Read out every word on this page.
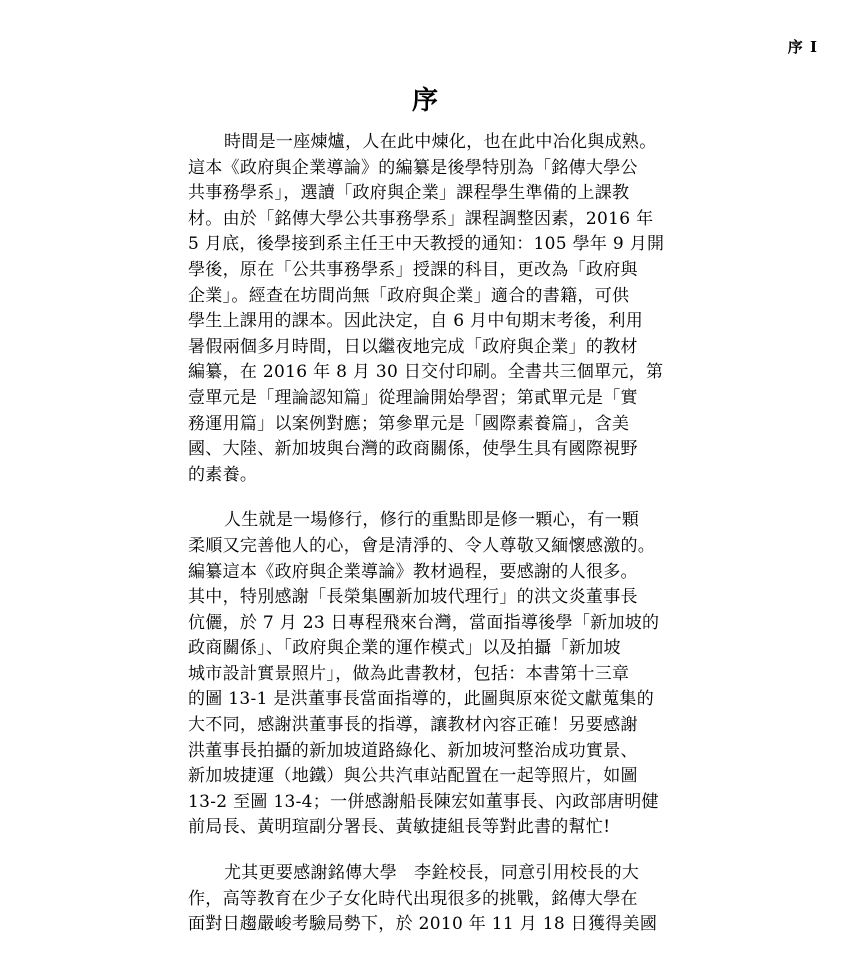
序 I
序
時間是一座煉爐，人在此中煉化，也在此中冶化與成熟。
這本《政府與企業導論》的編纂是後學特別為「銘傳大學公
共事務學系」，選讀「政府與企業」課程學生準備的上課教
材。由於「銘傳大學公共事務學系」課程調整因素，2016 年
5 月底，後學接到系主任王中天教授的通知：105 學年 9 月開
學後，原在「公共事務學系」授課的科目，更改為「政府與
企業」。經查在坊間尚無「政府與企業」適合的書籍，可供
學生上課用的課本。因此決定，自 6 月中旬期末考後，利用
暑假兩個多月時間，日以繼夜地完成「政府與企業」的教材
編纂，在 2016 年 8 月 30 日交付印刷。全書共三個單元，第
壹單元是「理論認知篇」從理論開始學習；第貳單元是「實
務運用篇」以案例對應；第參單元是「國際素養篇」，含美
國、大陸、新加坡與台灣的政商關係，使學生具有國際視野
的素養。
人生就是一場修行，修行的重點即是修一顆心，有一顆
柔順又完善他人的心，會是清淨的、令人尊敬又緬懷感激的。
編纂這本《政府與企業導論》教材過程，要感謝的人很多。
其中，特別感謝「長榮集團新加坡代理行」的洪文炎董事長
伉儷，於 7 月 23 日專程飛來台灣，當面指導後學「新加坡的
政商關係」、「政府與企業的運作模式」以及拍攝「新加坡
城市設計實景照片」，做為此書教材，包括：本書第十三章
的圖 13-1 是洪董事長當面指導的，此圖與原來從文獻蒐集的
大不同，感謝洪董事長的指導，讓教材內容正確！另要感謝
洪董事長拍攝的新加坡道路綠化、新加坡河整治成功實景、
新加坡捷運（地鐵）與公共汽車站配置在一起等照片，如圖
13-2 至圖 13-4；一併感謝船長陳宏如董事長、內政部唐明健
前局長、黃明瑄副分署長、黃敏捷組長等對此書的幫忙!
尤其更要感謝銘傳大學　李銓校長，同意引用校長的大
作，高等教育在少子女化時代出現很多的挑戰，銘傳大學在
面對日趨嚴峻考驗局勢下，於 2010 年 11 月 18 日獲得美國
